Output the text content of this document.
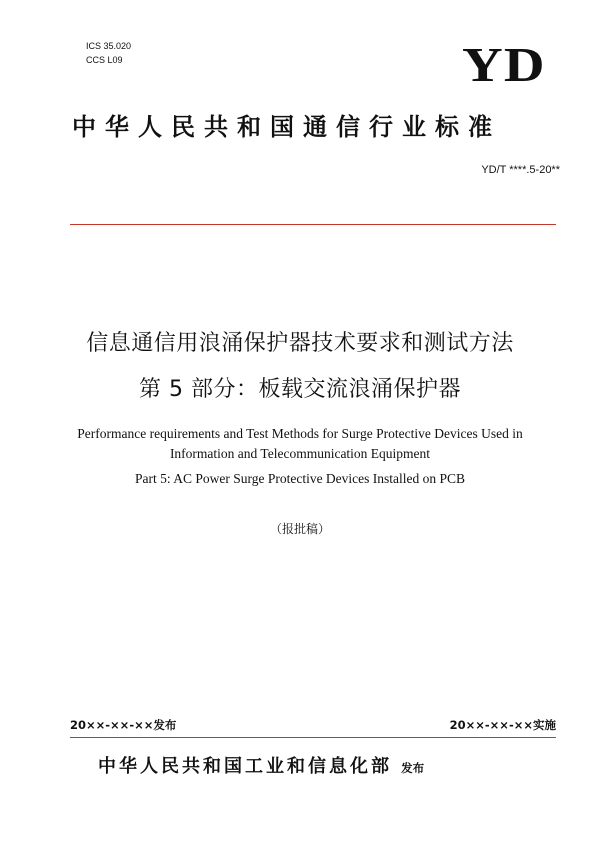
ICS 35.020
CCS L09	YD
中华人民共和国通信行业标准
YD/T ****.5-20**
信息通信用浪涌保护器技术要求和测试方法
第 5 部分：板载交流浪涌保护器
Performance requirements and Test Methods for Surge Protective Devices Used in
Information and Telecommunication Equipment
Part 5: AC Power Surge Protective Devices Installed on PCB
（报批稿）
20××-××-××发布	20××-××-××实施
中华人民共和国工业和信息化部 发布
